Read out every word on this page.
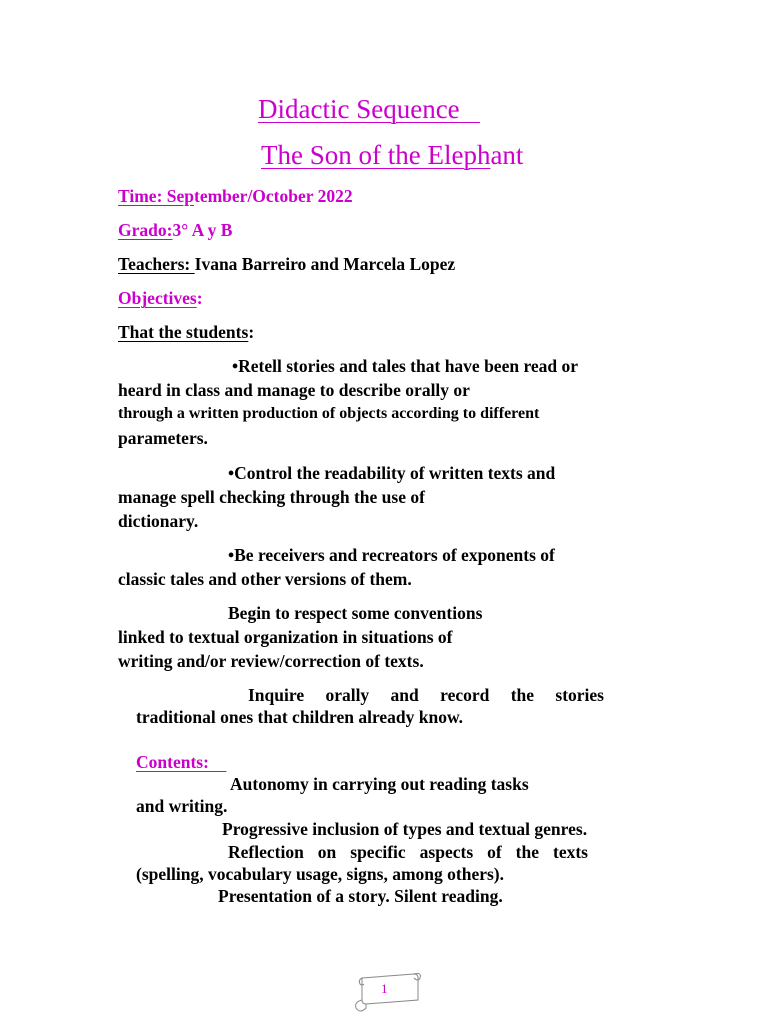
Didactic Sequence
The Son of the Elephant
Time: September/October 2022
Grado:3° A y B
Teachers: Ivana Barreiro and Marcela Lopez
Objectives:
That the students:
•Retell stories and tales that have been read or
heard in class and manage to describe orally or
through a written production of objects according to different
parameters.
•Control the readability of written texts and
manage spell checking through the use of
dictionary.
•Be receivers and recreators of exponents of
classic tales and other versions of them.
Begin to respect some conventions
linked to textual organization in situations of
writing and/or review/correction of texts.
Inquire orally and record the stories
traditional ones that children already know.
Contents:
Autonomy in carrying out reading tasks
and writing.
Progressive inclusion of types and textual genres.
Reflection on specific aspects of the texts
(spelling, vocabulary usage, signs, among others).
Presentation of a story. Silent reading.
1
